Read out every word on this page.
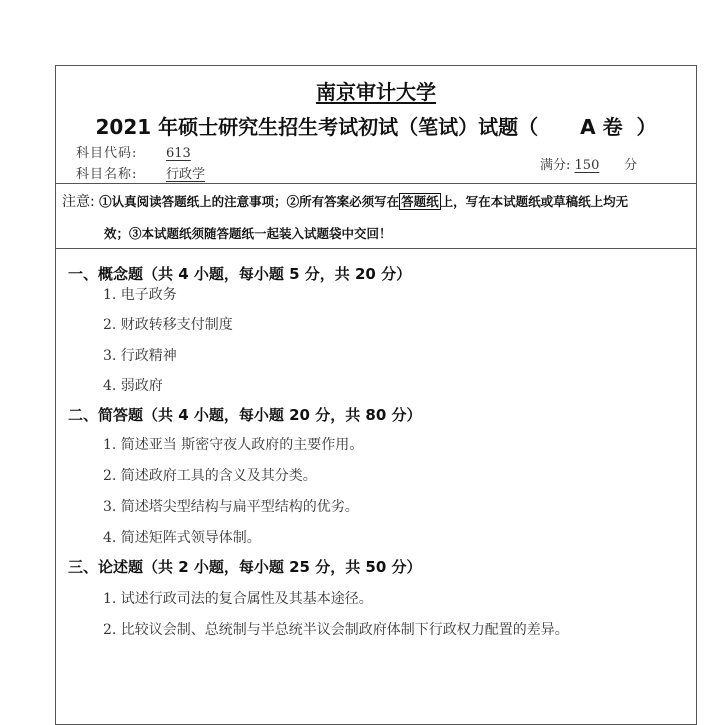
南京审计大学
2021 年硕士研究生招生考试初试（笔试）试题（ A 卷 ）
科目代码: 613
科目名称: 行政学
满分: 150 分
注意: ①认真阅读答题纸上的注意事项；②所有答案必须写在 答题纸 上，写在本试题纸或草稿纸上均无
效；③本试题纸须随答题纸一起装入试题袋中交回！
一、概念题（共 4 小题，每小题 5 分，共 20 分）
1. 电子政务
2. 财政转移支付制度
3. 行政精神
4. 弱政府
二、简答题（共 4 小题，每小题 20 分，共 80 分）
1. 简述亚当 斯密守夜人政府的主要作用。
2. 简述政府工具的含义及其分类。
3. 简述塔尖型结构与扁平型结构的优劣。
4. 简述矩阵式领导体制。
三、论述题（共 2 小题，每小题 25 分，共 50 分）
1. 试述行政司法的复合属性及其基本途径。
2. 比较议会制、总统制与半总统半议会制政府体制下行政权力配置的差异。
